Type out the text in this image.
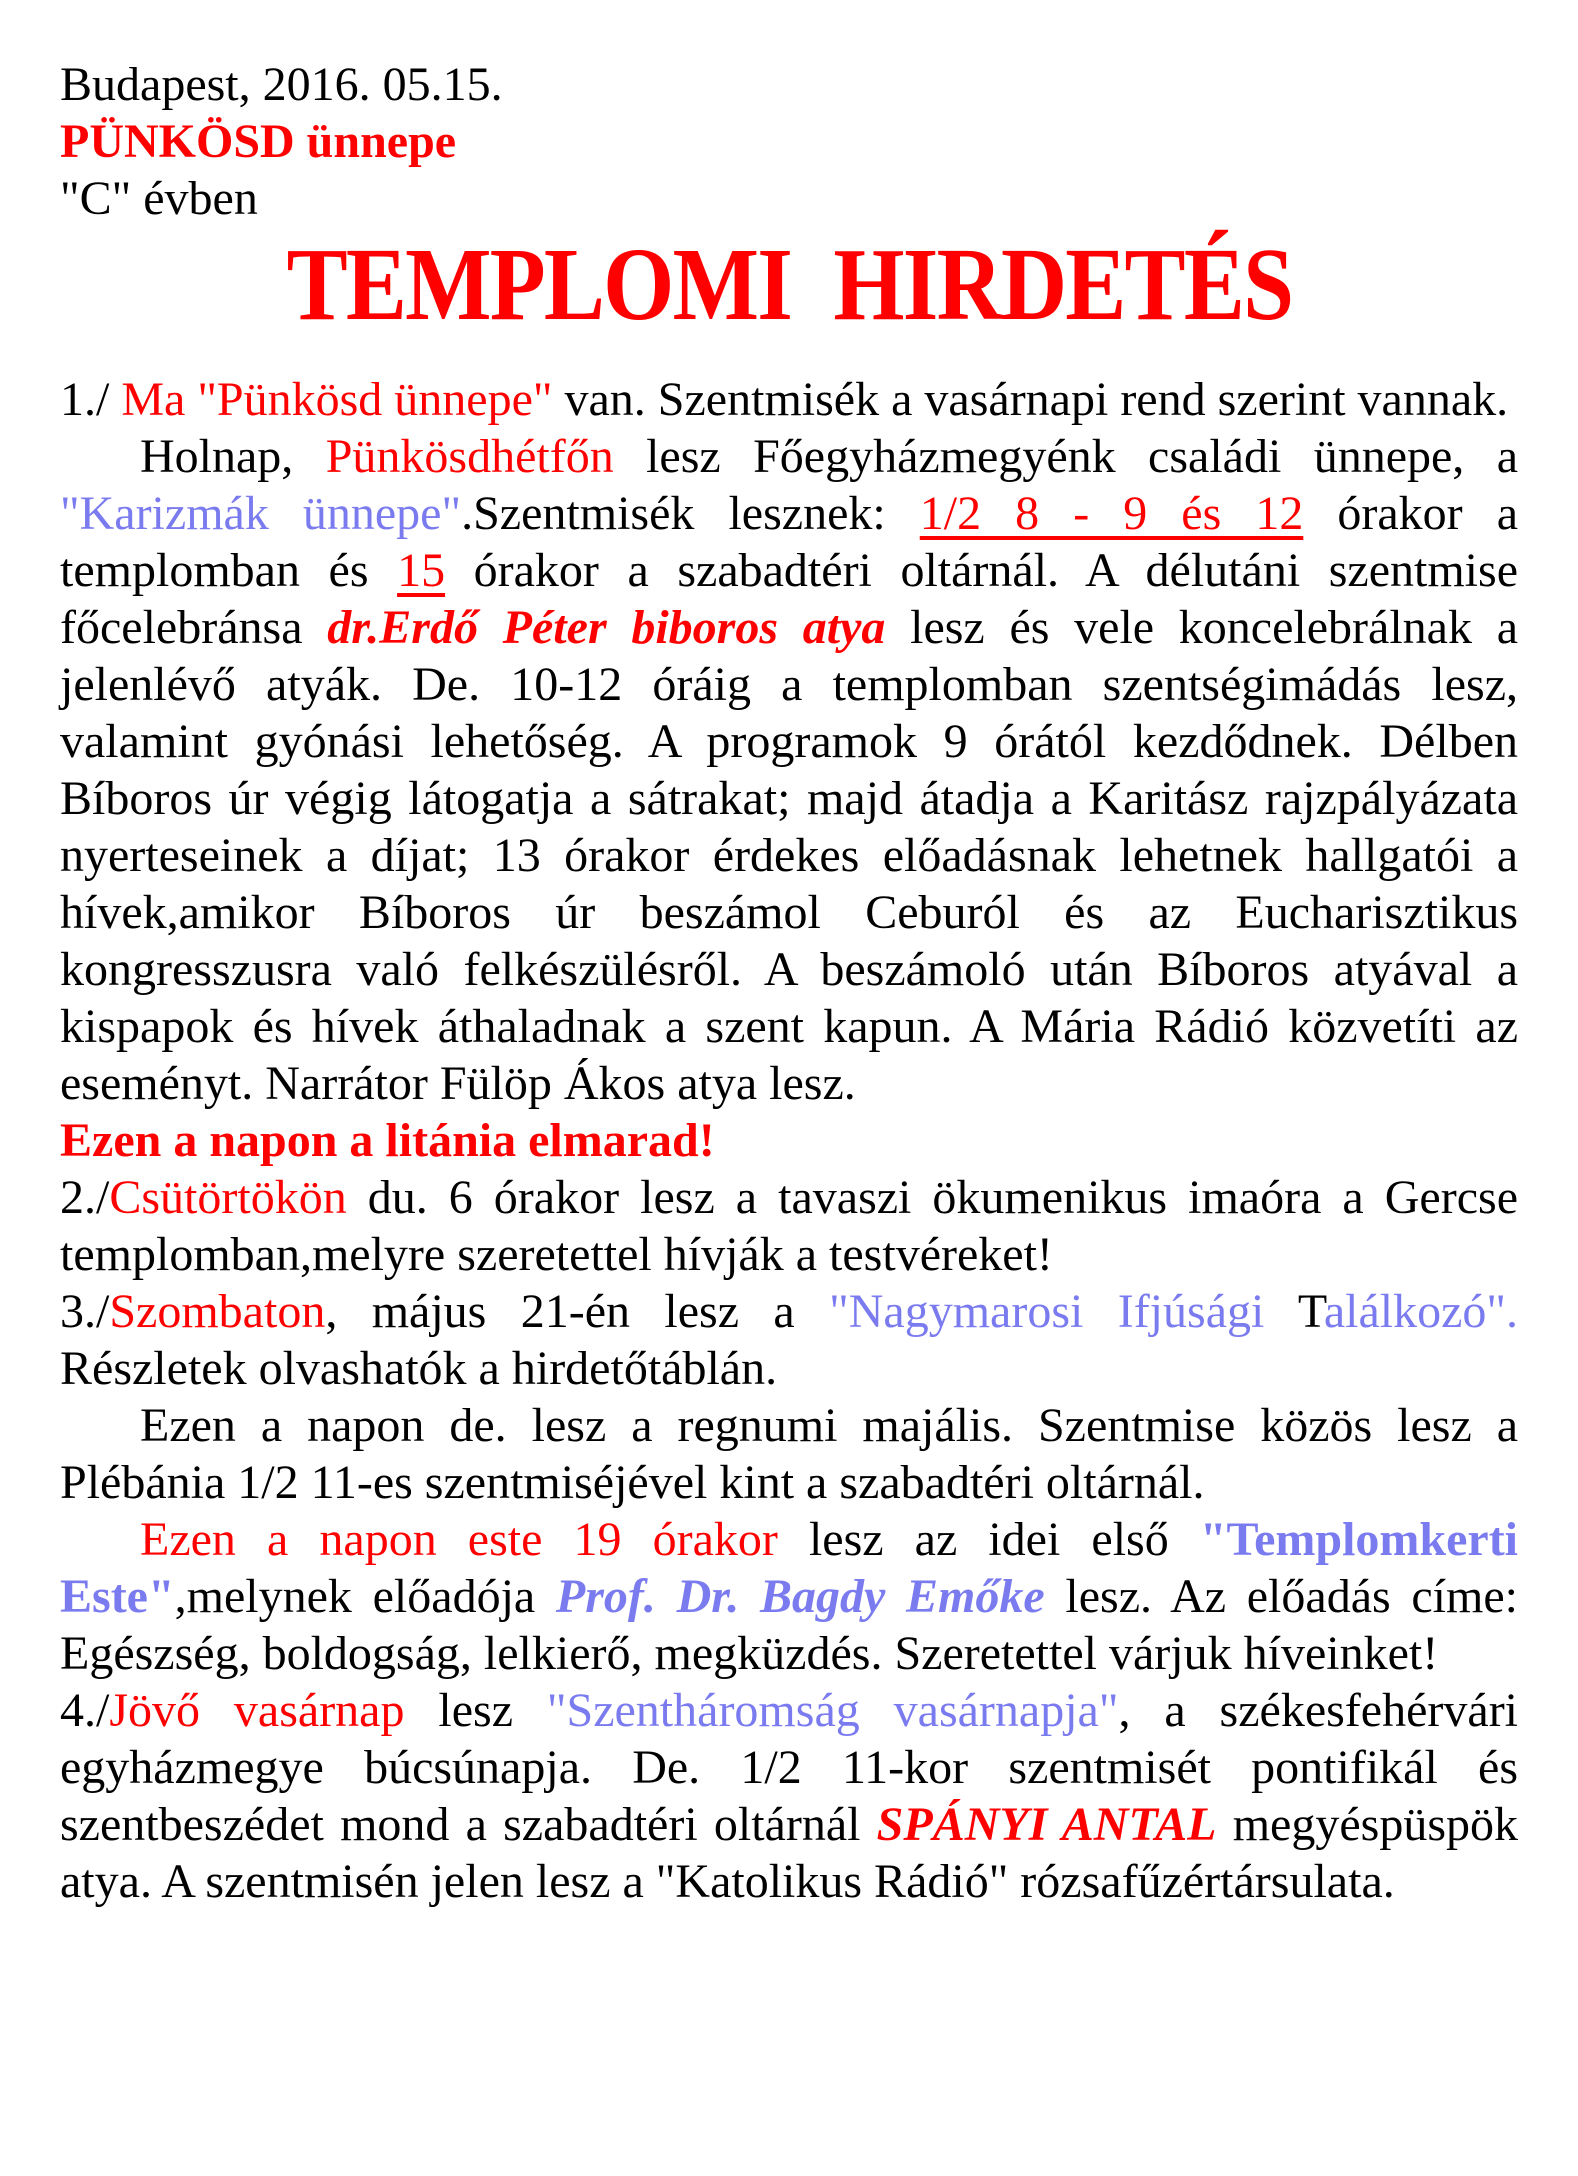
Budapest, 2016. 05.15.

PÜNKÖSD ünnepe

"C" évben

TEMPLOMI  HIRDETÉS

1./ Ma "Pünkösd ünnepe" van. Szentmisék a vasárnapi rend szerint vannak.

Holnap, Pünkösdhétfőn lesz Főegyházmegyénk családi ünnepe, a "Karizmák ünnepe".Szentmisék lesznek: 1/2 8 - 9 és 12 órakor a templomban és 15 órakor a szabadtéri oltárnál. A délutáni szentmise főcelebránsa dr.Erdő Péter biboros atya lesz és vele koncelebrálnak a jelenlévő atyák. De. 10-12 óráig a templomban szentségimádás lesz, valamint gyónási lehetőség. A programok 9 órától kezdődnek. Délben Bíboros úr végig látogatja a sátrakat; majd átadja a Karitász rajzpályázata nyerteseinek a díjat; 13 órakor érdekes előadásnak lehetnek hallgatói a hívek,amikor Bíboros úr beszámol Ceburól és az Eucharisztikus kongresszusra való felkészülésről. A beszámoló után Bíboros atyával a kispapok és hívek áthaladnak a szent kapun. A Mária Rádió közvetíti az eseményt. Narrátor Fülöp Ákos atya lesz.

Ezen a napon a litánia elmarad!

2./Csütörtökön du. 6 órakor lesz a tavaszi ökumenikus imaóra a Gercse templomban,melyre szeretettel hívják a testvéreket!

3./Szombaton, május 21-én lesz a "Nagymarosi Ifjúsági Találkozó". Részletek olvashatók a hirdetőtáblán.

Ezen a napon de. lesz a regnumi majális. Szentmise közös lesz a Plébánia 1/2 11-es szentmiséjével kint a szabadtéri oltárnál.

Ezen a napon este 19 órakor lesz az idei első "Templomkerti Este",melynek előadója Prof. Dr. Bagdy Emőke lesz. Az előadás címe: Egészség, boldogság, lelkierő, megküzdés. Szeretettel várjuk híveinket!

4./Jövő vasárnap lesz "Szentháromság vasárnapja", a székesfehérvári egyházmegye búcsúnapja. De. 1/2 11-kor szentmisét pontifikál és szentbeszédet mond a szabadtéri oltárnál SPÁNYI ANTAL megyéspüspök atya. A szentmisén jelen lesz a "Katolikus Rádió" rózsafűzértársulata.
